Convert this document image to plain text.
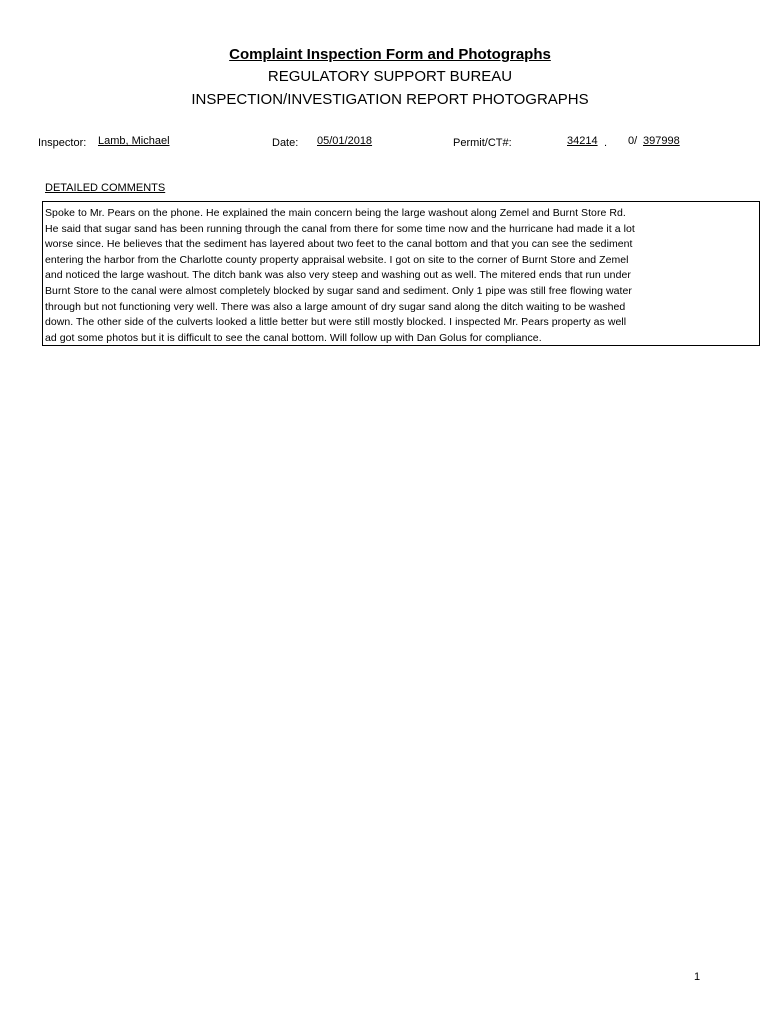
Complaint Inspection Form and Photographs
REGULATORY SUPPORT BUREAU
INSPECTION/INVESTIGATION REPORT PHOTOGRAPHS
Inspector: Lamb, Michael	Date: 05/01/2018	Permit/CT#:	34214 . 0/ 397998
DETAILED COMMENTS
Spoke to Mr. Pears on the phone. He explained the main concern being the large washout along Zemel and Burnt Store Rd.
He said that sugar sand has been running through the canal from there for some time now and the hurricane had made it a lot
worse since. He believes that the sediment has layered about two feet to the canal bottom and that you can see the sediment
entering the harbor from the Charlotte county property appraisal website. I got on site to the corner of Burnt Store and Zemel
and noticed the large washout. The ditch bank was also very steep and washing out as well. The mitered ends that run under
Burnt Store to the canal were almost completely blocked by sugar sand and sediment. Only 1 pipe was still free flowing water
through but not functioning very well. There was also a large amount of dry sugar sand along the ditch waiting to be washed
down. The other side of the culverts looked a little better but were still mostly blocked. I inspected Mr. Pears property as well
ad got some photos but it is difficult to see the canal bottom. Will follow up with Dan Golus for compliance.
1
